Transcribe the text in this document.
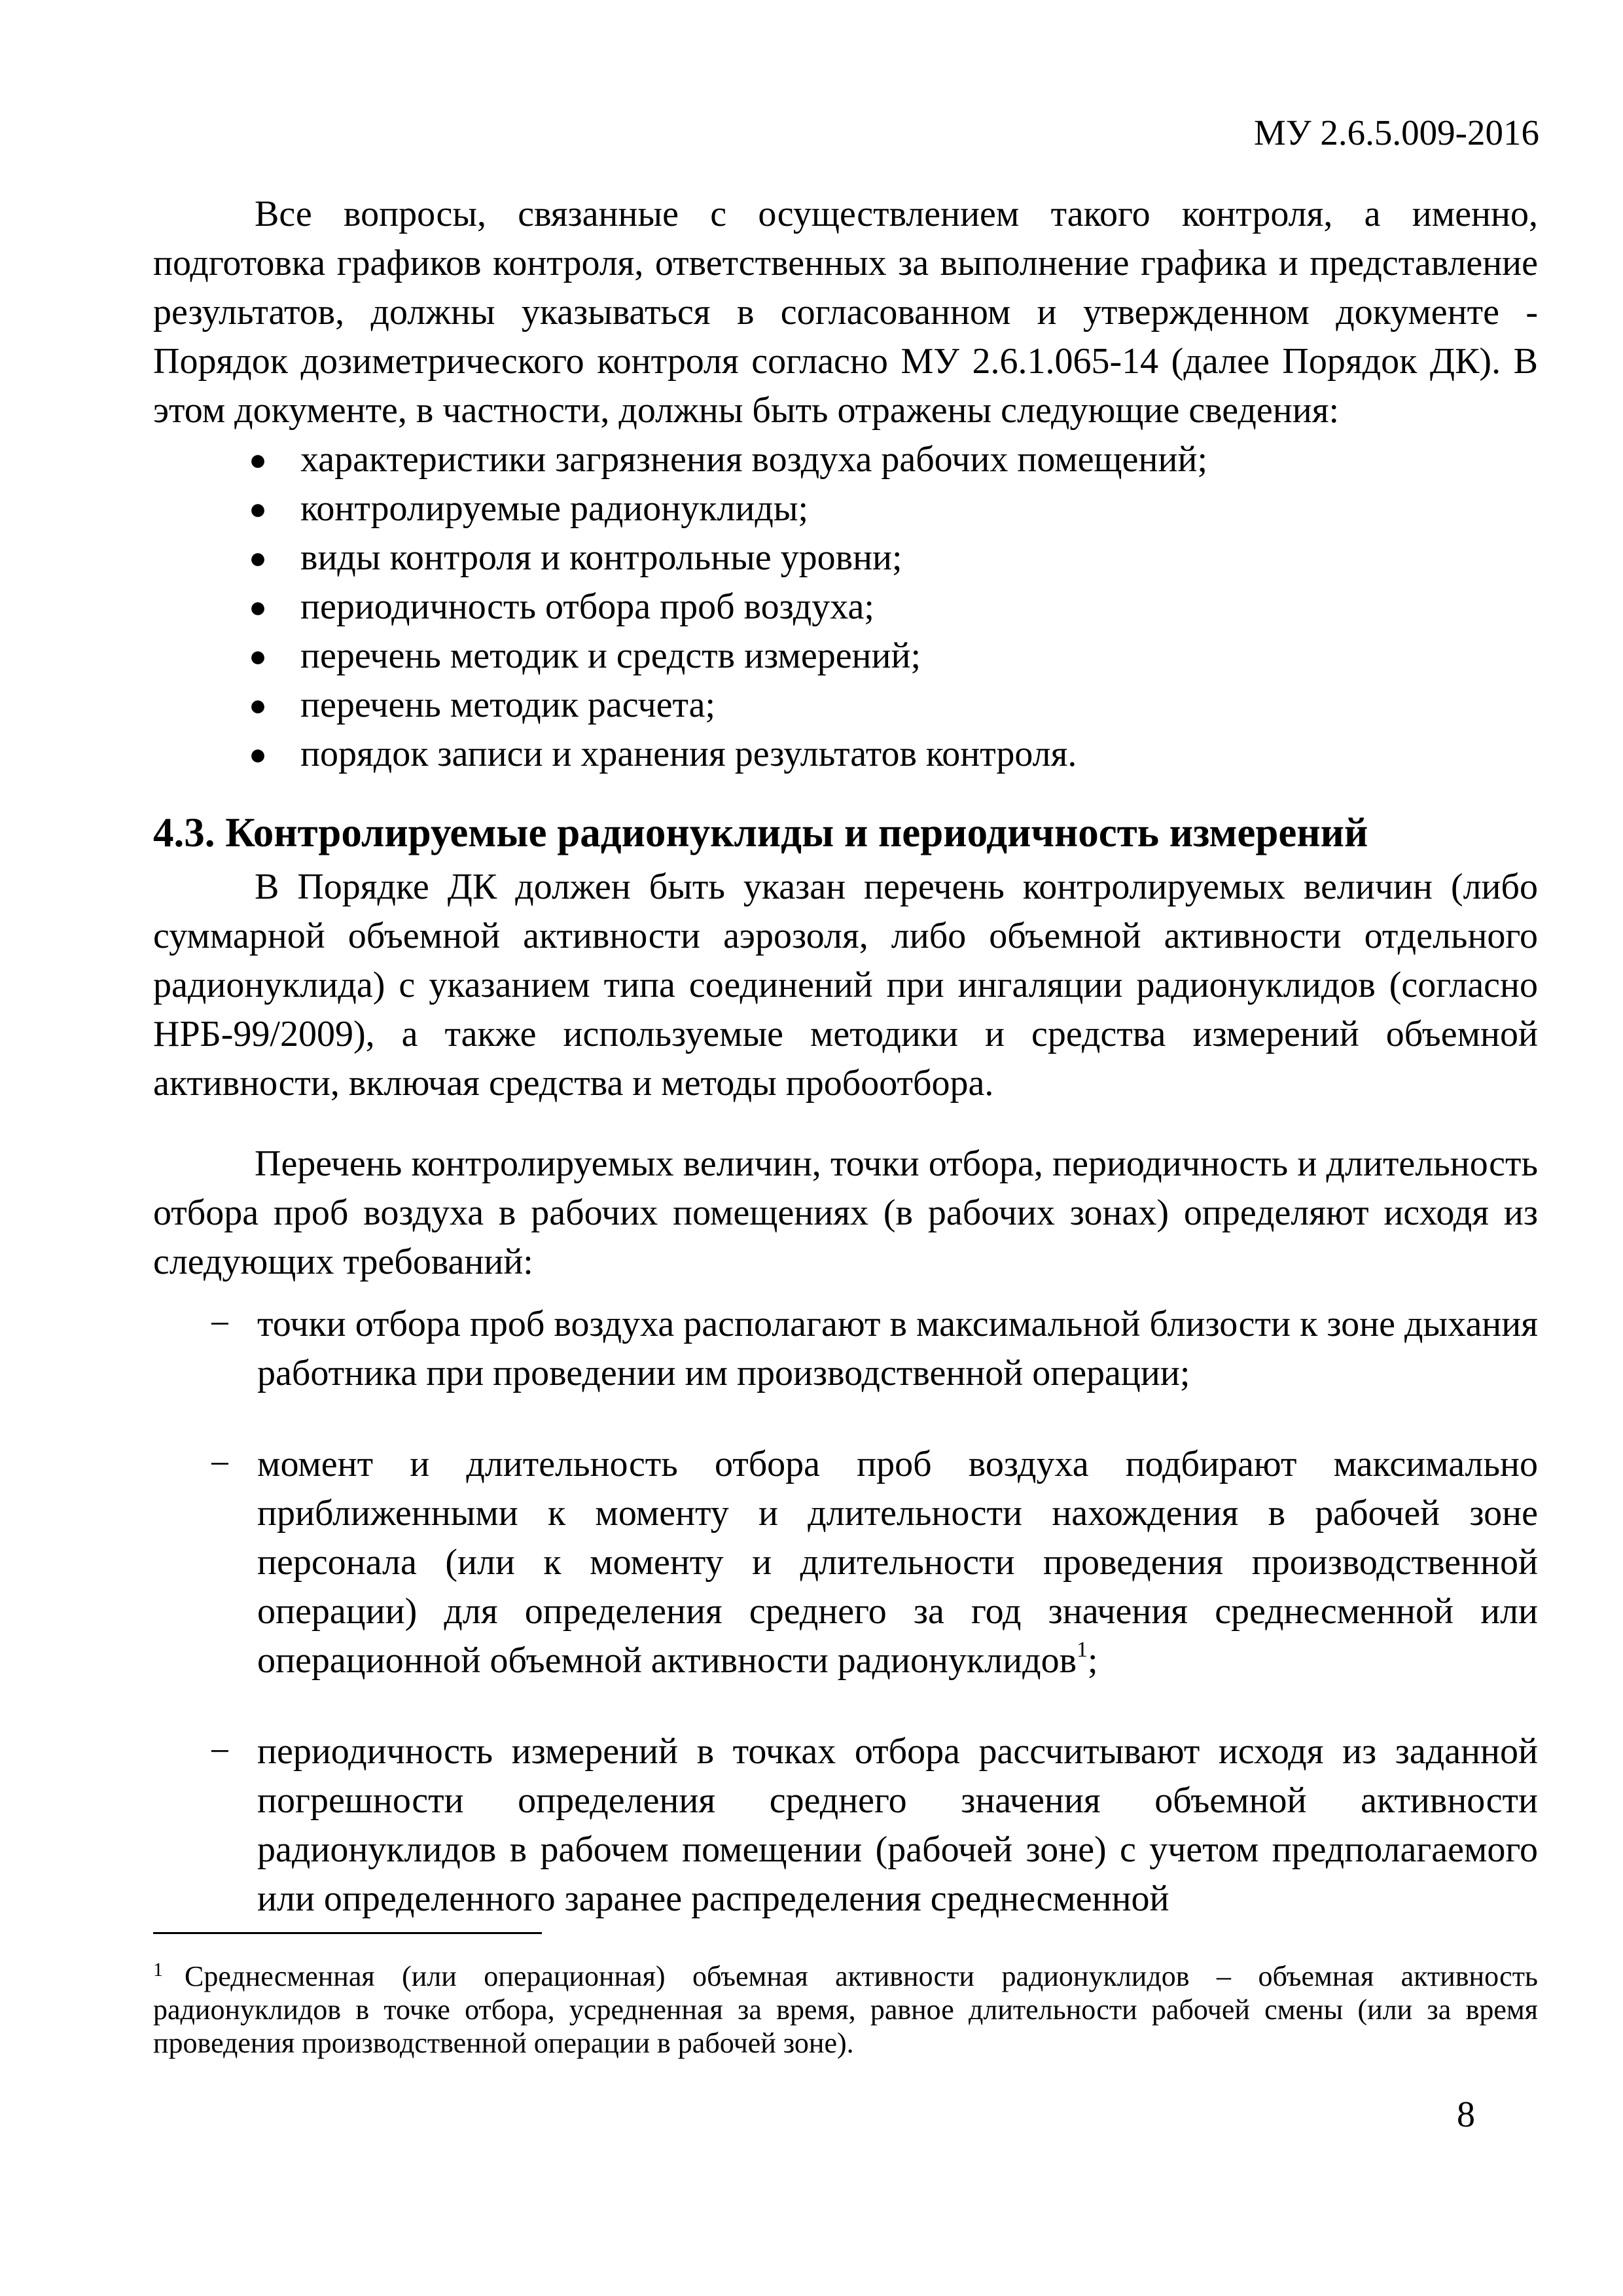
МУ 2.6.5.009-2016

Все вопросы, связанные с осуществлением такого контроля, а именно, подготовка графиков контроля, ответственных за выполнение графика и представление результатов, должны указываться в согласованном и утвержденном документе - Порядок дозиметрического контроля согласно МУ 2.6.1.065-14 (далее Порядок ДК). В этом документе, в частности, должны быть отражены следующие сведения:

● характеристики загрязнения воздуха рабочих помещений;
● контролируемые радионуклиды;
● виды контроля и контрольные уровни;
● периодичность отбора проб воздуха;
● перечень методик и средств измерений;
● перечень методик расчета;
● порядок записи и хранения результатов контроля.
4.3. Контролируемые радионуклиды и периодичность измерений

В Порядке ДК должен быть указан перечень контролируемых величин (либо суммарной объемной активности аэрозоля, либо объемной активности отдельного радионуклида) с указанием типа соединений при ингаляции радионуклидов (согласно НРБ-99/2009), а также используемые методики и средства измерений объемной активности, включая средства и методы пробоотбора.

Перечень контролируемых величин, точки отбора, периодичность и длительность отбора проб воздуха в рабочих помещениях (в рабочих зонах) определяют исходя из следующих требований:

− точки отбора проб воздуха располагают в максимальной близости к зоне дыхания работника при проведении им производственной операции;
− момент и длительность отбора проб воздуха подбирают максимально приближенными к моменту и длительности нахождения в рабочей зоне персонала (или к моменту и длительности проведения производственной операции) для определения среднего за год значения среднесменной или операционной объемной активности радионуклидов$^1$;
− периодичность измерений в точках отбора рассчитывают исходя из заданной погрешности определения среднего значения объемной активности радионуклидов в рабочем помещении (рабочей зоне) с учетом предполагаемого или определенного заранее распределения среднесменной
1 Среднесменная (или операционная) объемная активности радионуклидов – объемная активность радионуклидов в точке отбора, усредненная за время, равное длительности рабочей смены (или за время проведения производственной операции в рабочей зоне).
8
